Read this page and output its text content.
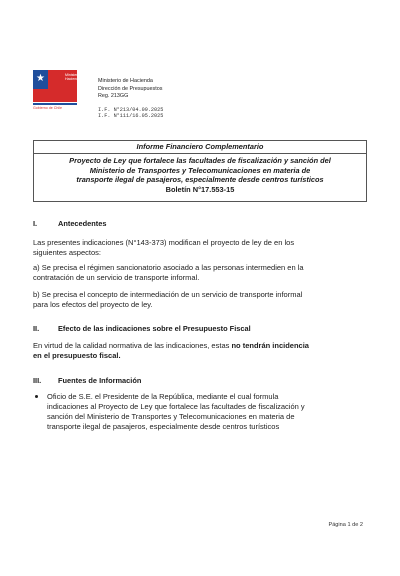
★	Ministerio de
Hacienda
Gobierno de Chile
Ministerio de Hacienda
Dirección de Presupuestos
Reg. 213GG
I.F. N°213/04.09.2025
I.F. N°111/16.05.2025
Informe Financiero Complementario
Proyecto de Ley que fortalece las facultades de fiscalización y sanción del
Ministerio de Transportes y Telecomunicaciones en materia de
transporte ilegal de pasajeros, especialmente desde centros turísticos
Boletín N°17.553-15
I.	Antecedentes
Las presentes indicaciones (N°143-373) modifican el proyecto de ley de en los
siguientes aspectos:
a) Se precisa el régimen sancionatorio asociado a las personas intermedien en la
contratación de un servicio de transporte informal.
b) Se precisa el concepto de intermediación de un servicio de transporte informal
para los efectos del proyecto de ley.
II.	Efecto de las indicaciones sobre el Presupuesto Fiscal
En virtud de la calidad normativa de las indicaciones, estas no tendrán incidencia
en el presupuesto fiscal.
III. Fuentes de Información
Oficio de S.E. el Presidente de la República, mediante el cual formula
indicaciones al Proyecto de Ley que fortalece las facultades de fiscalización y
sanción del Ministerio de Transportes y Telecomunicaciones en materia de
transporte ilegal de pasajeros, especialmente desde centros turísticos
Página 1 de 2
